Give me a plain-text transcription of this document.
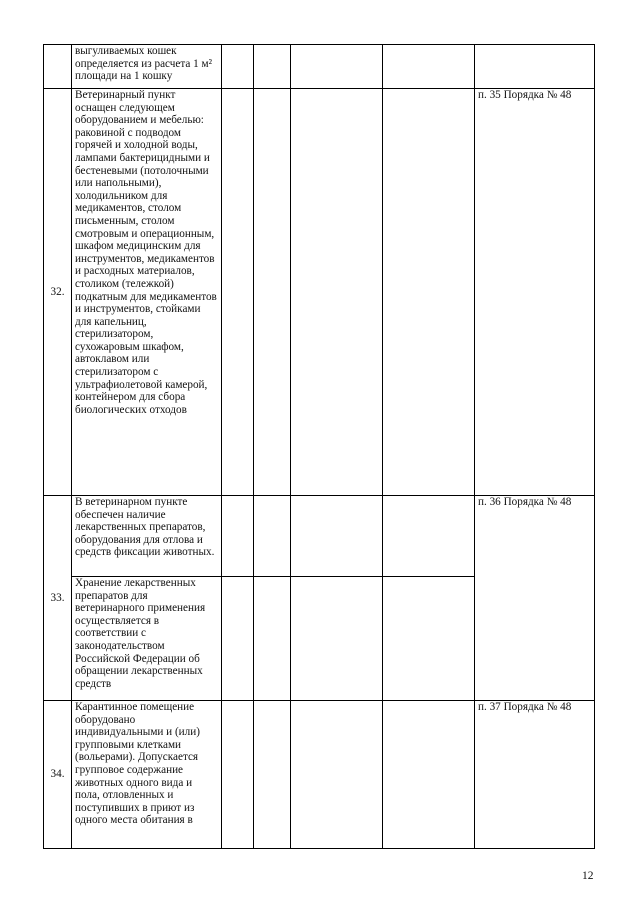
	выгуливаемых кошек определяется из расчета 1 м² площади на 1 кошку					
32.	Ветеринарный пункт оснащен следующем оборудованием и мебелью: раковиной с подводом горячей и холодной воды, лампами бактерицидными и бестеневыми (потолочными или напольными), холодильником для медикаментов, столом письменным, столом смотровым и операционным, шкафом медицинским для инструментов, медикаментов и расходных материалов, столиком (тележкой) подкатным для медикаментов и инструментов, стойками для капельниц, стерилизатором, сухожаровым шкафом, автоклавом или стерилизатором с ультрафиолетовой камерой, контейнером для сбора биологических отходов					п. 35 Порядка № 48
33.	В ветеринарном пункте обеспечен наличие лекарственных препаратов, оборудования для отлова и средств фиксации животных.					п. 36 Порядка № 48
	Хранение лекарственных препаратов для ветеринарного применения осуществляется в соответствии с законодательством Российской Федерации об обращении лекарственных средств					
34.	Карантинное помещение оборудовано индивидуальными и (или) групповыми клетками (вольерами). Допускается групповое содержание животных одного вида и пола, отловленных и поступивших в приют из одного места обитания в					п. 37 Порядка № 48
12
